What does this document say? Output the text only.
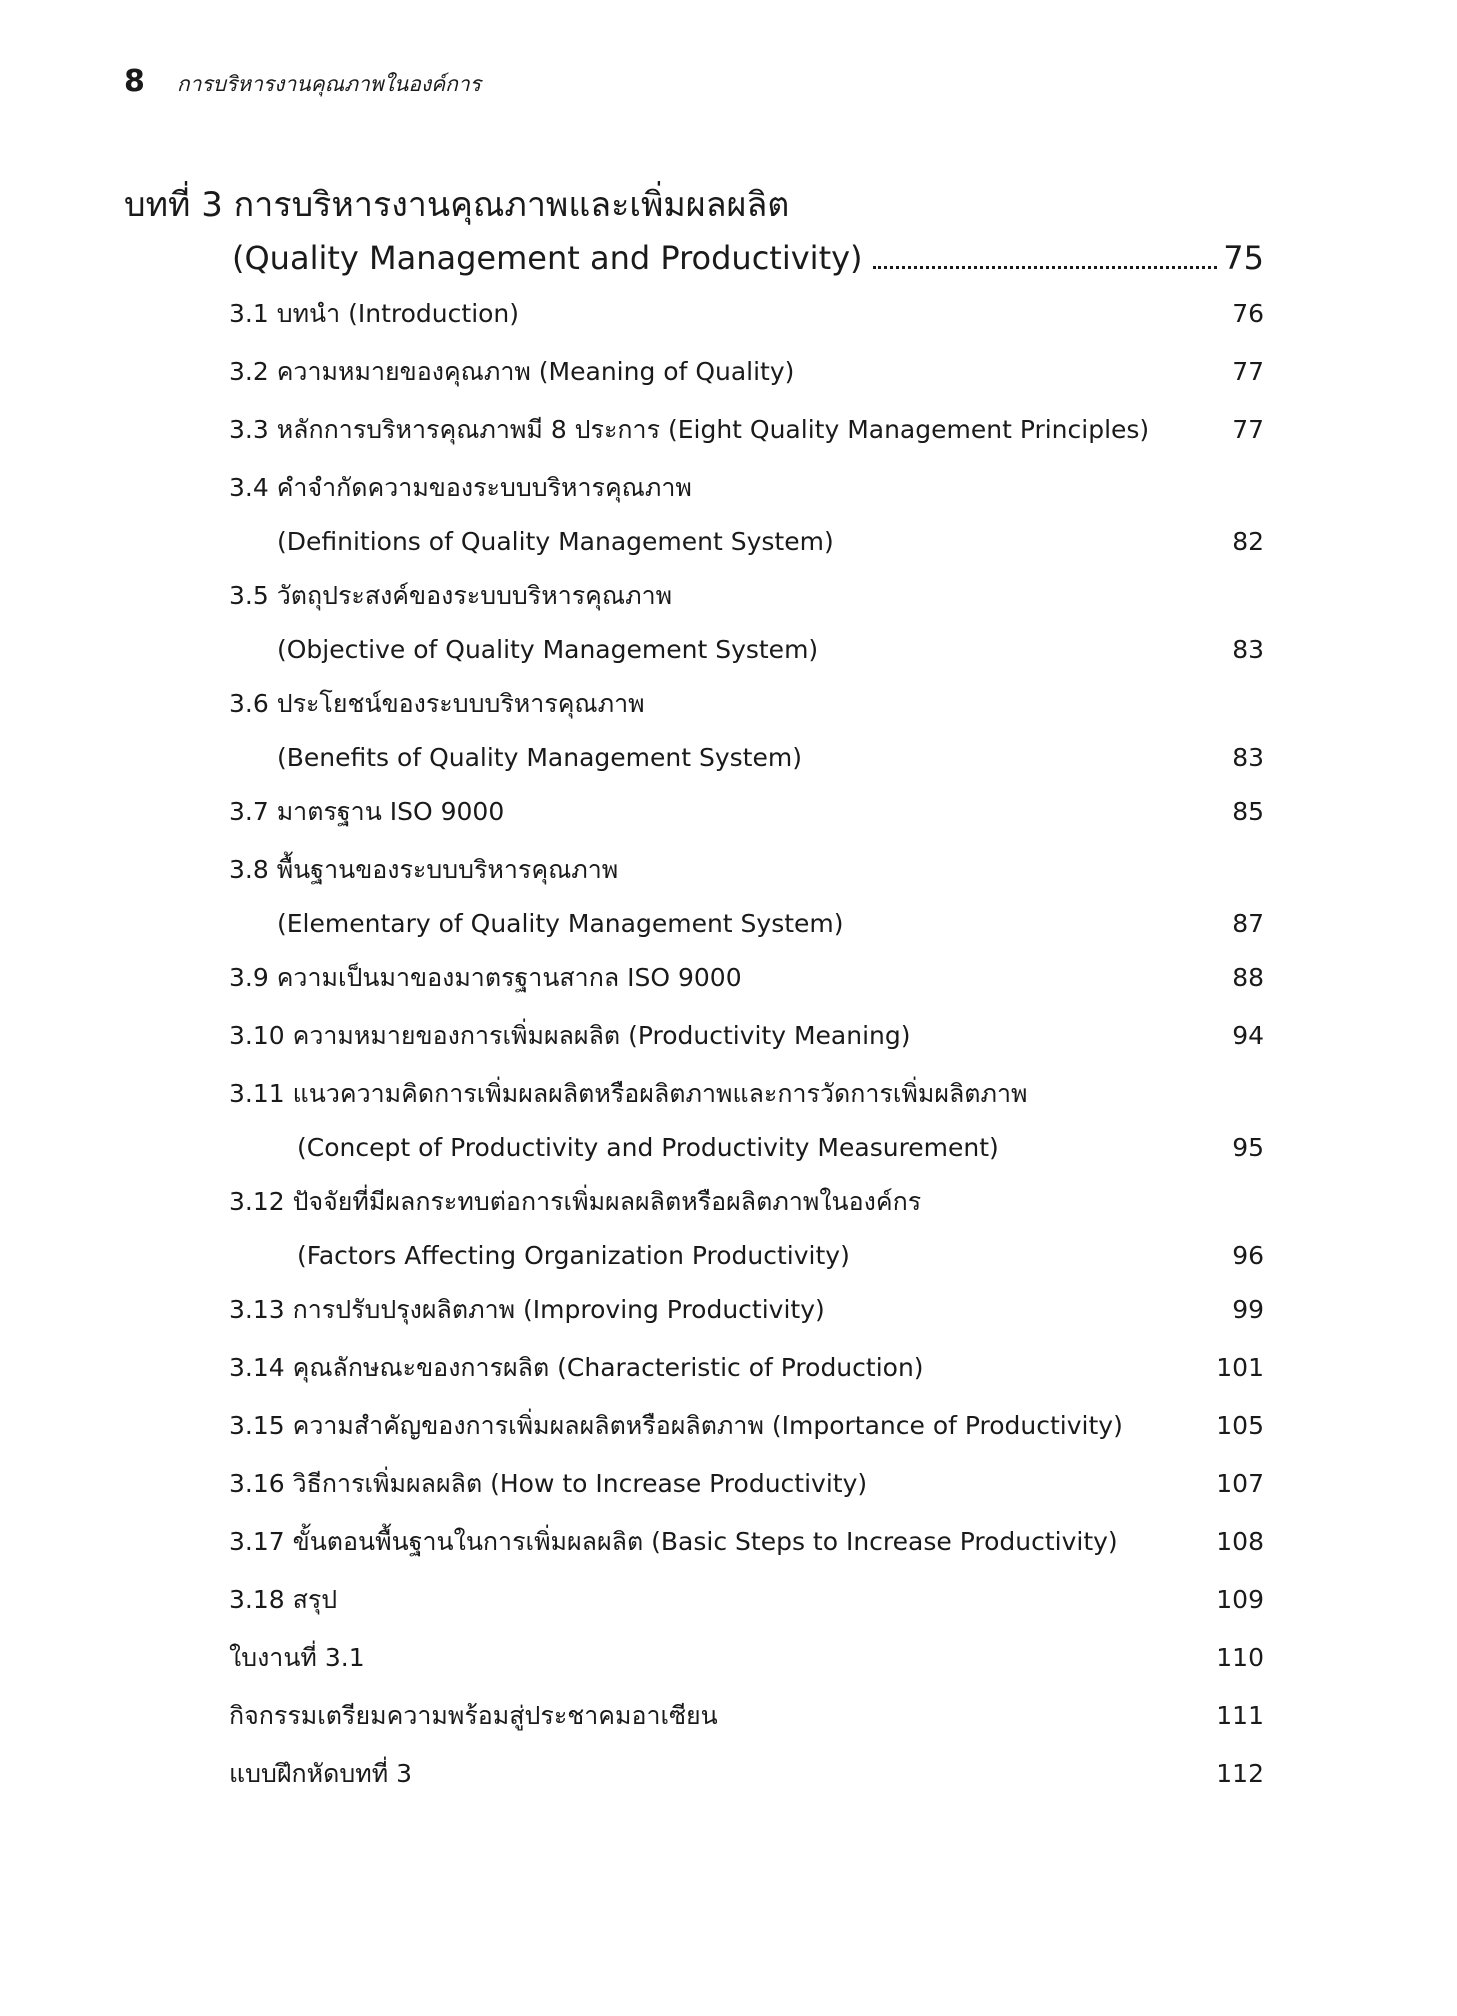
8 การบริหารงานคุณภาพในองค์การ
บทที่ 3 การบริหารงานคุณภาพและเพิ่มผลผลิต
(Quality Management and Productivity)	75
3.1 บทนำ (Introduction)	76
3.2 ความหมายของคุณภาพ (Meaning of Quality)	77
3.3 หลักการบริหารคุณภาพมี 8 ประการ (Eight Quality Management Principles)	77
3.4 คำจำกัดความของระบบบริหารคุณภาพ
(Definitions of Quality Management System)	82
3.5 วัตถุประสงค์ของระบบบริหารคุณภาพ
(Objective of Quality Management System)	83
3.6 ประโยชน์ของระบบบริหารคุณภาพ
(Benefits of Quality Management System)	83
3.7 มาตรฐาน ISO 9000	85
3.8 พื้นฐานของระบบบริหารคุณภาพ
(Elementary of Quality Management System)	87
3.9 ความเป็นมาของมาตรฐานสากล ISO 9000	88
3.10 ความหมายของการเพิ่มผลผลิต (Productivity Meaning)	94
3.11 แนวความคิดการเพิ่มผลผลิตหรือผลิตภาพและการวัดการเพิ่มผลิตภาพ
(Concept of Productivity and Productivity Measurement)	95
3.12 ปัจจัยที่มีผลกระทบต่อการเพิ่มผลผลิตหรือผลิตภาพในองค์กร
(Factors Affecting Organization Productivity)	96
3.13 การปรับปรุงผลิตภาพ (Improving Productivity)	99
3.14 คุณลักษณะของการผลิต (Characteristic of Production)	101
3.15 ความสำคัญของการเพิ่มผลผลิตหรือผลิตภาพ (Importance of Productivity)	105
3.16 วิธีการเพิ่มผลผลิต (How to Increase Productivity)	107
3.17 ขั้นตอนพื้นฐานในการเพิ่มผลผลิต (Basic Steps to Increase Productivity)	108
3.18 สรุป	109
ใบงานที่ 3.1	110
กิจกรรมเตรียมความพร้อมสู่ประชาคมอาเซียน	111
แบบฝึกหัดบทที่ 3	112
